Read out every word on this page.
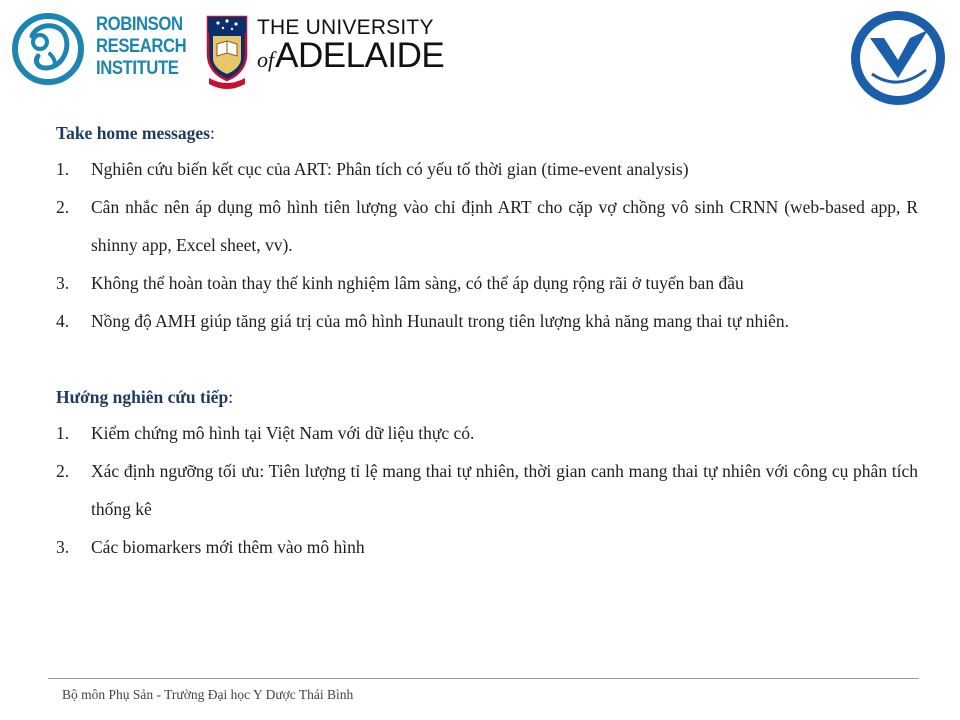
ROBINSON
RESEARCH
INSTITUTE
THE UNIVERSITY
ofADELAIDE

Take home messages:

1. Nghiên cứu biến kết cục của ART: Phân tích có yếu tố thời gian (time-event analysis)
2. Cân nhắc nên áp dụng mô hình tiên lượng vào chỉ định ART cho cặp vợ chồng vô sinh CRNN (web-based app, R shinny app, Excel sheet, vv).
3. Không thể hoàn toàn thay thế kinh nghiệm lâm sàng, có thể áp dụng rộng rãi ở tuyến ban đầu
4. Nồng độ AMH giúp tăng giá trị của mô hình Hunault trong tiên lượng khả năng mang thai tự nhiên.

Hướng nghiên cứu tiếp:

1. Kiểm chứng mô hình tại Việt Nam với dữ liệu thực có.
2. Xác định ngưỡng tối ưu: Tiên lượng tỉ lệ mang thai tự nhiên, thời gian canh mang thai tự nhiên với công cụ phân tích thống kê
3. Các biomarkers mới thêm vào mô hình
Bộ môn Phụ Sản - Trường Đại học Y Dược Thái Bình
